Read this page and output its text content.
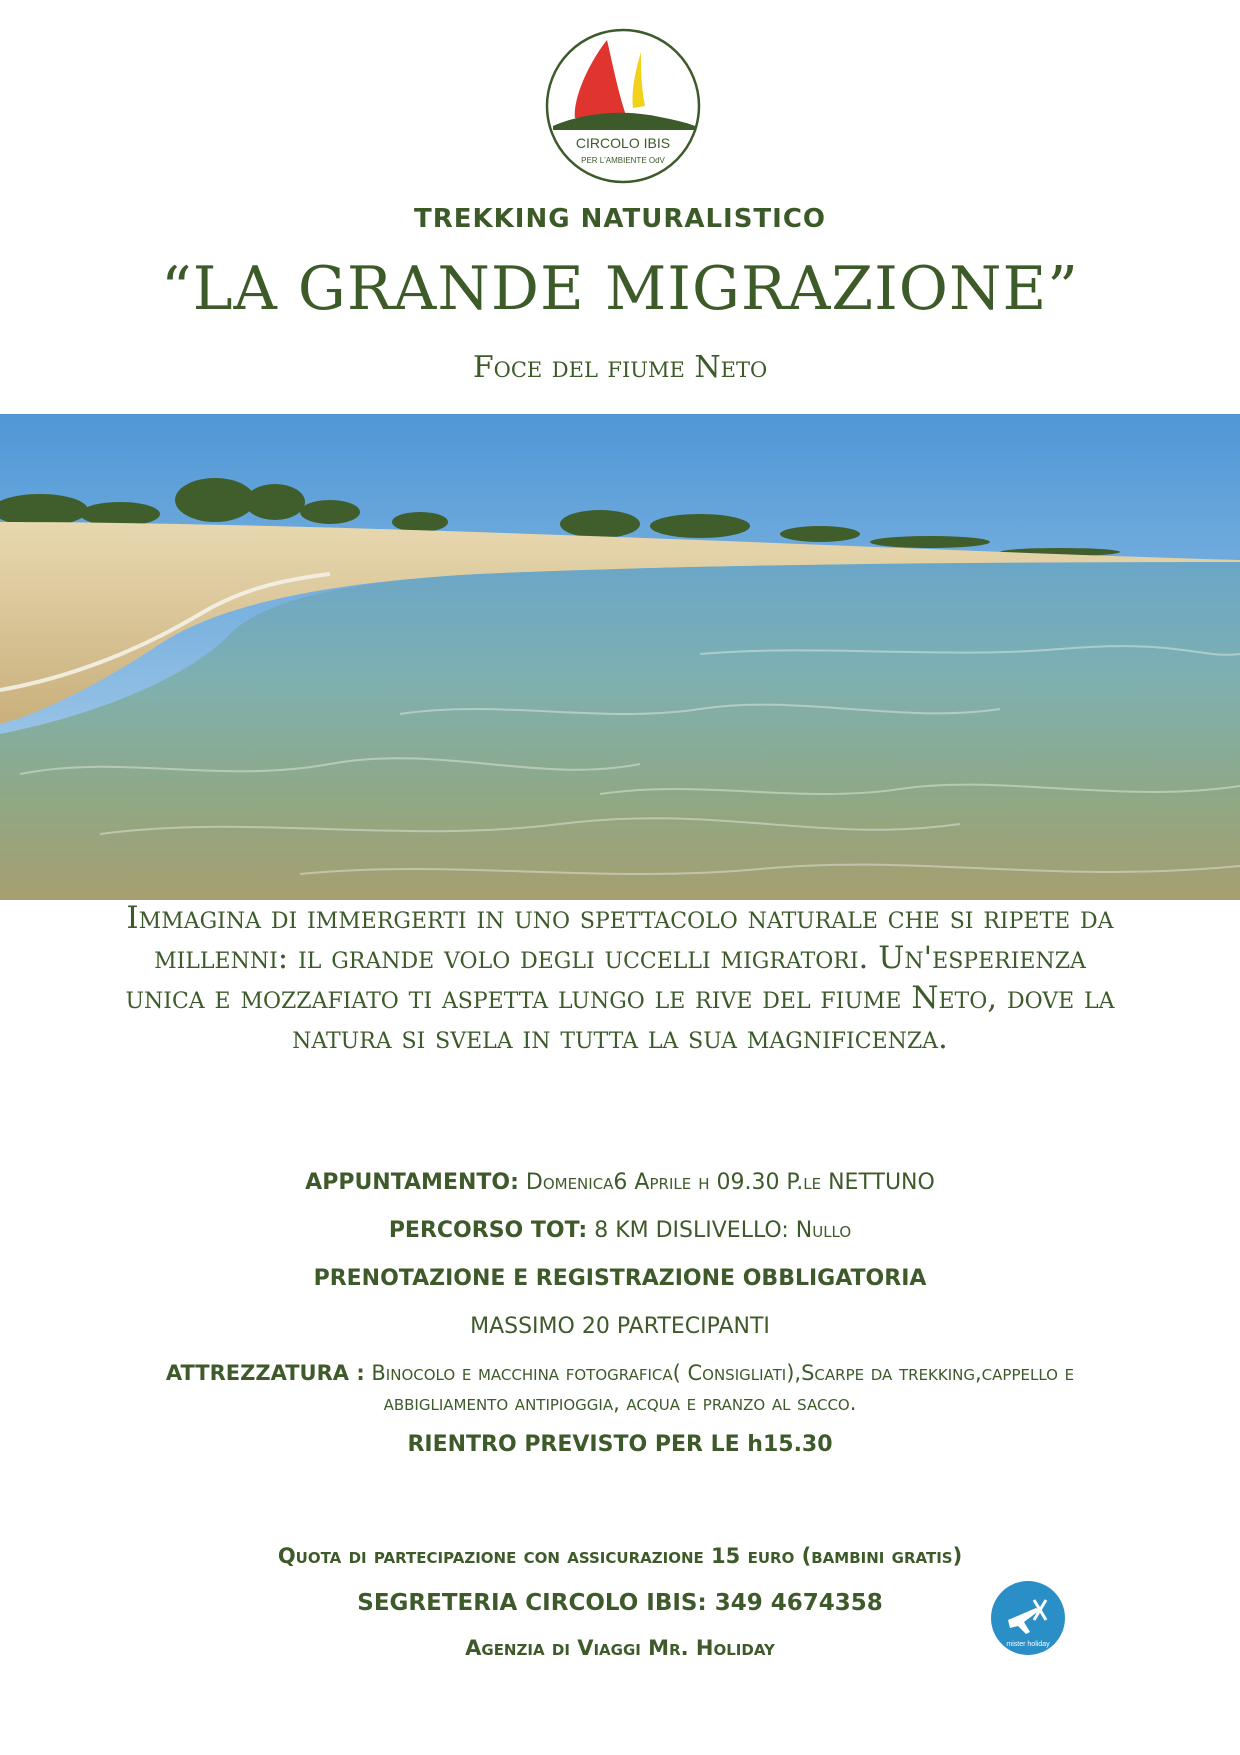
CIRCOLO IBIS
PER L'AMBIENTE OdV
TREKKING NATURALISTICO
“LA GRANDE MIGRAZIONE”
Foce del fiume Neto
Immagina di immergerti in uno spettacolo naturale che si ripete da millenni: il grande volo degli uccelli migratori. Un'esperienza unica e mozzafiato ti aspetta lungo le rive del fiume Neto, dove la natura si svela in tutta la sua magnificenza.
APPUNTAMENTO: Domenica6 Aprile h 09.30 P.le NETTUNO
PERCORSO TOT: 8 KM DISLIVELLO: Nullo
PRENOTAZIONE E REGISTRAZIONE OBBLIGATORIA
MASSIMO 20 PARTECIPANTI
ATTREZZATURA : Binocolo e macchina fotografica( Consigliati),Scarpe da trekking,cappello e abbigliamento antipioggia, acqua e pranzo al sacco.
RIENTRO PREVISTO PER LE h15.30
Quota di partecipazione con assicurazione 15 euro (bambini gratis)
SEGRETERIA CIRCOLO IBIS: 349 4674358
Agenzia di Viaggi Mr. Holiday	mister holiday
